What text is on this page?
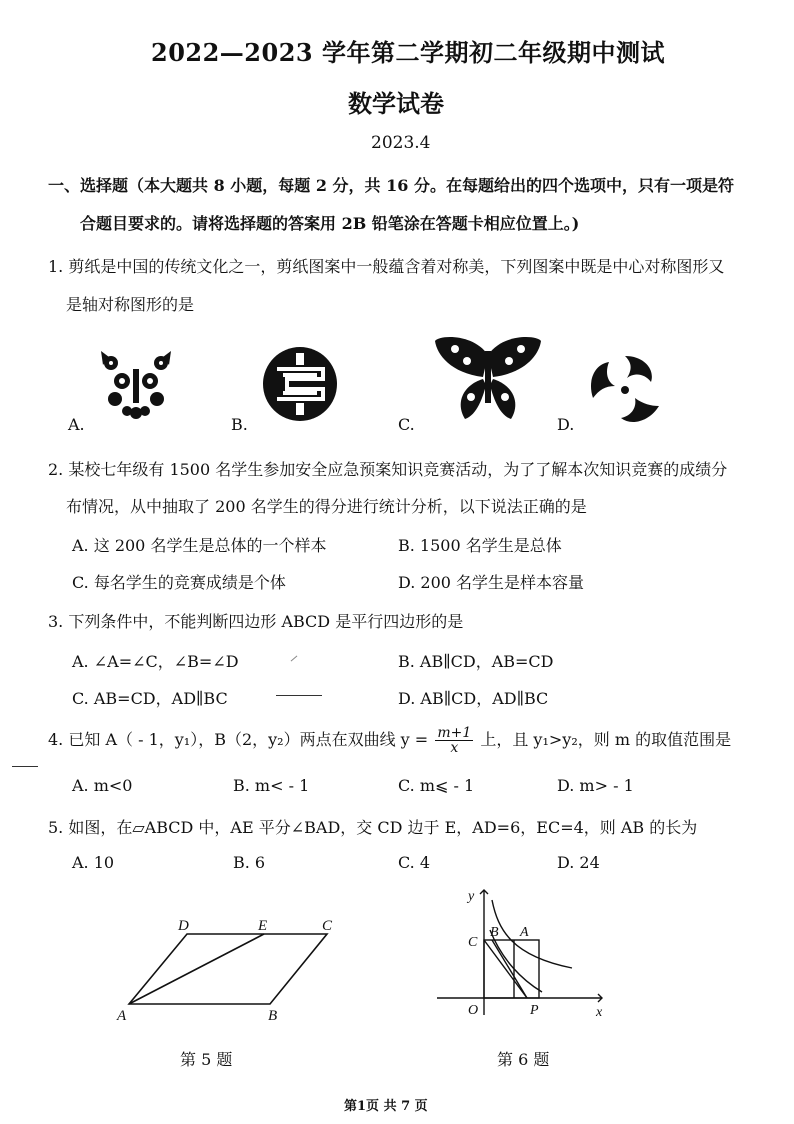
2022—2023 学年第二学期初二年级期中测试
数学试卷
2023.4
一、选择题（本大题共 8 小题，每题 2 分，共 16 分。在每题给出的四个选项中，只有一项是符
合题目要求的。请将选择题的答案用 2B 铅笔涂在答题卡相应位置上。)
1. 剪纸是中国的传统文化之一，剪纸图案中一般蕴含着对称美，下列图案中既是中心对称图形又
是轴对称图形的是
A.	B.	C.	D.
2. 某校七年级有 1500 名学生参加安全应急预案知识竞赛活动，为了了解本次知识竞赛的成绩分
布情况，从中抽取了 200 名学生的得分进行统计分析，以下说法正确的是
A. 这 200 名学生是总体的一个样本	B. 1500 名学生是总体
C. 每名学生的竞赛成绩是个体	D. 200 名学生是样本容量
3. 下列条件中，不能判断四边形 ABCD 是平行四边形的是
A. ∠A=∠C，∠B=∠D	B. AB∥CD，AB=CD
C. AB=CD，AD∥BC	D. AB∥CD，AD∥BC
4. 已知 A（ - 1，y₁），B（2，y₂）两点在双曲线 $y = \frac{m+1}{x}$ 上，且 y₁>y₂，则 m 的取值范围是
A. m<0	B. m< - 1	C. m⩽ - 1	D. m> - 1
5. 如图，在▱ABCD 中，AE 平分∠BAD，交 CD 边于 E，AD=6，EC=4，则 AB 的长为
A. 10	B. 6	C. 4	D. 24
D	E	C
A	B
第 5 题
y
C
B A
O	P	x
第 6 题
第1页 共 7 页
